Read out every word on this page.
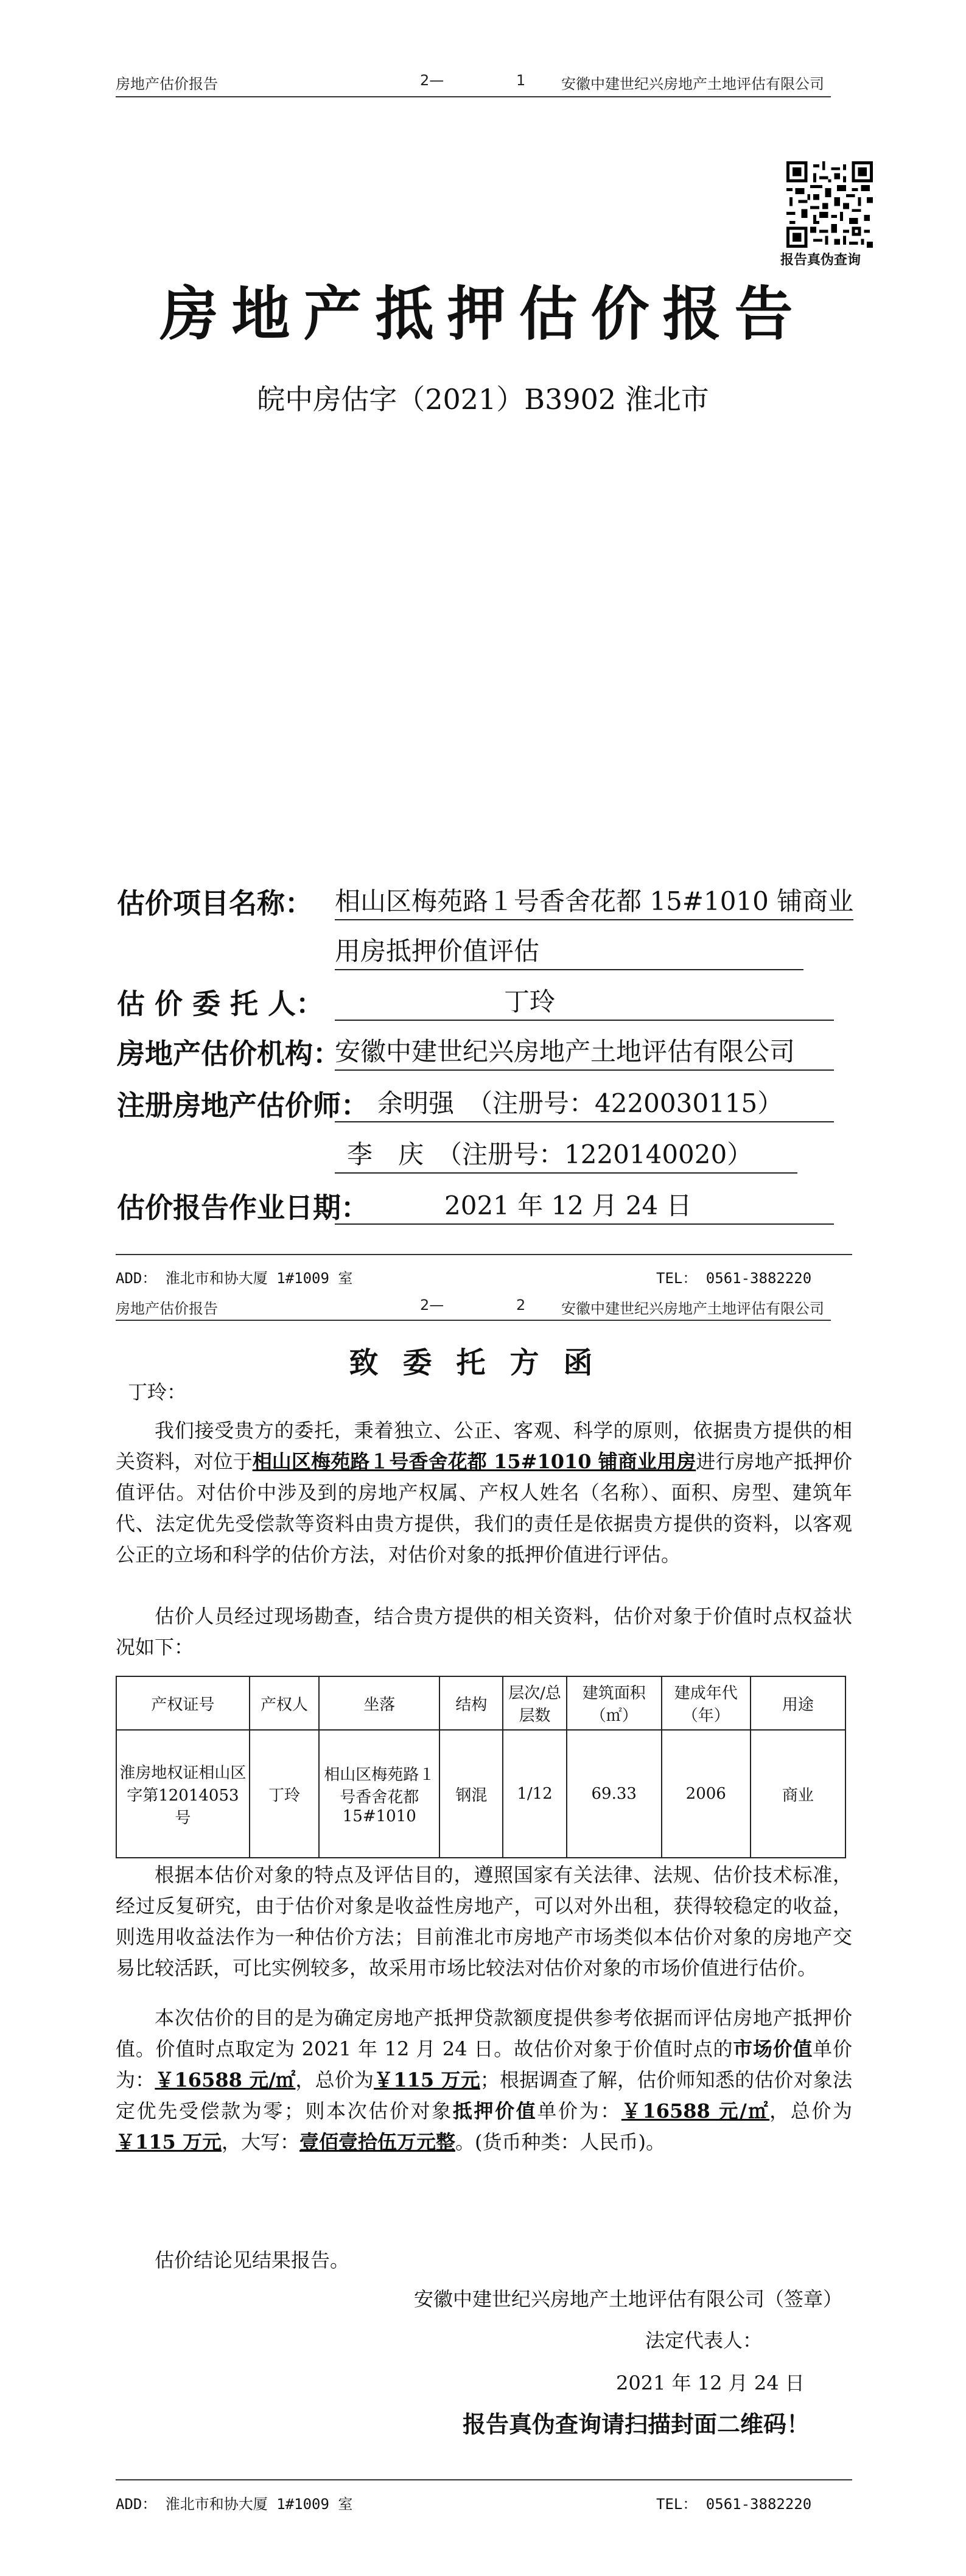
房地产估价报告	2—	1 安徽中建世纪兴房地产土地评估有限公司
报告真伪查询
房地产抵押估价报告
皖中房估字（2021）B3902 淮北市
估价项目名称： 相山区梅苑路１号香舍花都 15#1010 铺商业
用房抵押价值评估
估 价 委 托 人：	丁玲
房地产估价机构：
安徽中建世纪兴房地产土地评估有限公司
注册房地产估价师： 余明强　（注册号：4220030115）
李　庆　（注册号：1220140020）
估价报告作业日期：	2021 年 12 月 24 日
ADD： 淮北市和协大厦 1#1009 室	TEL： 0561-3882220
房地产估价报告	2—	2 安徽中建世纪兴房地产土地评估有限公司
致委托方函
丁玲：
我们接受贵方的委托，秉着独立、公正、客观、科学的原则，依据贵方提供的相关资料，对位于相山区梅苑路１号香舍花都 15#1010 铺商业用房进行房地产抵押价值评估。对估价中涉及到的房地产权属、产权人姓名（名称）、面积、房型、建筑年代、法定优先受偿款等资料由贵方提供，我们的责任是依据贵方提供的资料，以客观公正的立场和科学的估价方法，对估价对象的抵押价值进行评估。
估价人员经过现场勘查，结合贵方提供的相关资料，估价对象于价值时点权益状况如下：
产权证号	产权人	坐落	结构	层次/总层数	建筑面积（㎡）	建成年代（年）	用途
淮房地权证相山区字第12014053 号	丁玲	相山区梅苑路１号香舍花都 15#1010	钢混	1/12	69.33	2006	商业
根据本估价对象的特点及评估目的，遵照国家有关法律、法规、估价技术标准，经过反复研究，由于估价对象是收益性房地产，可以对外出租，获得较稳定的收益，则选用收益法作为一种估价方法；目前淮北市房地产市场类似本估价对象的房地产交易比较活跃，可比实例较多，故采用市场比较法对估价对象的市场价值进行估价。
本次估价的目的是为确定房地产抵押贷款额度提供参考依据而评估房地产抵押价值。价值时点取定为 2021 年 12 月 24 日。故估价对象于价值时点的市场价值单价为：￥16588 元/㎡，总价为￥115 万元；根据调查了解，估价师知悉的估价对象法定优先受偿款为零；则本次估价对象抵押价值单价为：￥16588 元/㎡，总价为￥115 万元，大写：壹佰壹拾伍万元整。(货币种类：人民币)。
估价结论见结果报告。
安徽中建世纪兴房地产土地评估有限公司（签章）
法定代表人：
2021 年 12 月 24 日
报告真伪查询请扫描封面二维码！
ADD： 淮北市和协大厦 1#1009 室	TEL： 0561-3882220
